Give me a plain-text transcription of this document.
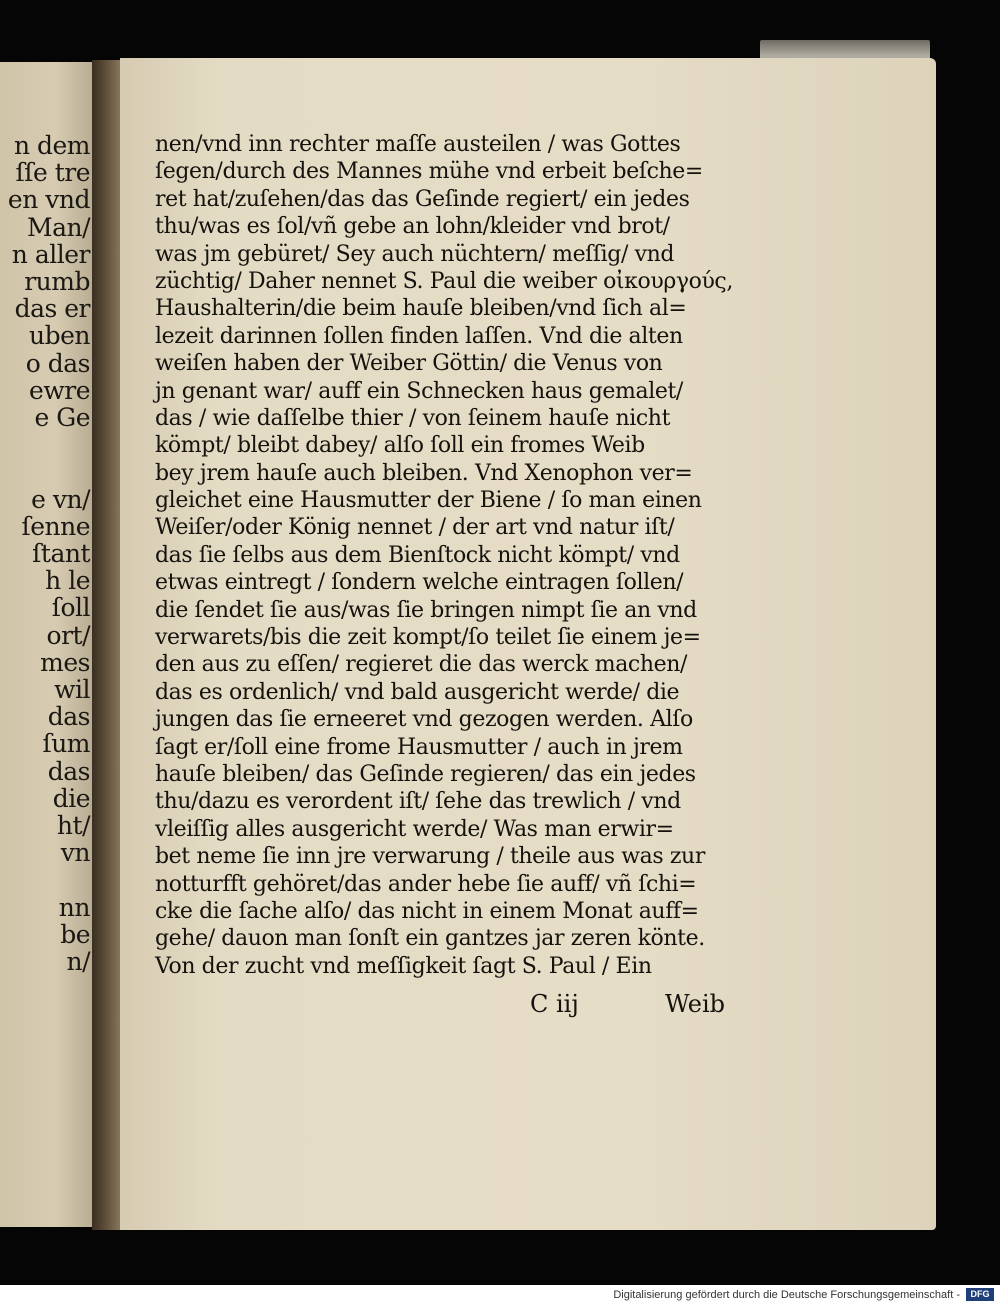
n dem
ſſe tre
en vnd
Man/
n aller
rumb
das er
uben
o das
ewre
e Ge
e vn/
ſenne
ſtant
h le
ſoll
ort/
mes
wil
das
ſum
das
die
ht/
vn
nn
be
n/
nen/vnd inn rechter maſſe austeilen / was Gottes
ſegen/durch des Mannes mühe vnd erbeit beſche=
ret hat/zuſehen/das das Geſinde regiert/ ein jedes
thu/was es ſol/vñ gebe an lohn/kleider vnd brot/
was jm gebüret/ Sey auch nüchtern/ meſſig/ vnd
züchtig/ Daher nennet S. Paul die weiber οἰκουργούς,
Haushalterin/die beim hauſe bleiben/vnd ſich al=
lezeit darinnen ſollen finden laſſen. Vnd die alten
weiſen haben der Weiber Göttin/ die Venus von
jn genant war/ auff ein Schnecken haus gemalet/
das / wie daſſelbe thier / von ſeinem hauſe nicht
kömpt/ bleibt dabey/ alſo ſoll ein fromes Weib
bey jrem hauſe auch bleiben. Vnd Xenophon ver=
gleichet eine Hausmutter der Biene / ſo man einen
Weiſer/oder König nennet / der art vnd natur iſt/
das ſie ſelbs aus dem Bienſtock nicht kömpt/ vnd
etwas eintregt / ſondern welche eintragen ſollen/
die ſendet ſie aus/was ſie bringen nimpt ſie an vnd
verwarets/bis die zeit kompt/ſo teilet ſie einem je=
den aus zu eſſen/ regieret die das werck machen/
das es ordenlich/ vnd bald ausgericht werde/ die
jungen das ſie erneeret vnd gezogen werden. Alſo
ſagt er/ſoll eine frome Hausmutter / auch in jrem
hauſe bleiben/ das Geſinde regieren/ das ein jedes
thu/dazu es verordent iſt/ ſehe das trewlich / vnd
vleiſſig alles ausgericht werde/ Was man erwir=
bet neme ſie inn jre verwarung / theile aus was zur
notturfft gehöret/das ander hebe ſie auff/ vñ ſchi=
cke die ſache alſo/ das nicht in einem Monat auff=
gehe/ dauon man ſonſt ein gantzes jar zeren könte.
Von der zucht vnd meſſigkeit ſagt S. Paul / Ein
C iij	Weib
Digitalisierung gefördert durch die Deutsche Forschungsgemeinschaft -	DFG
